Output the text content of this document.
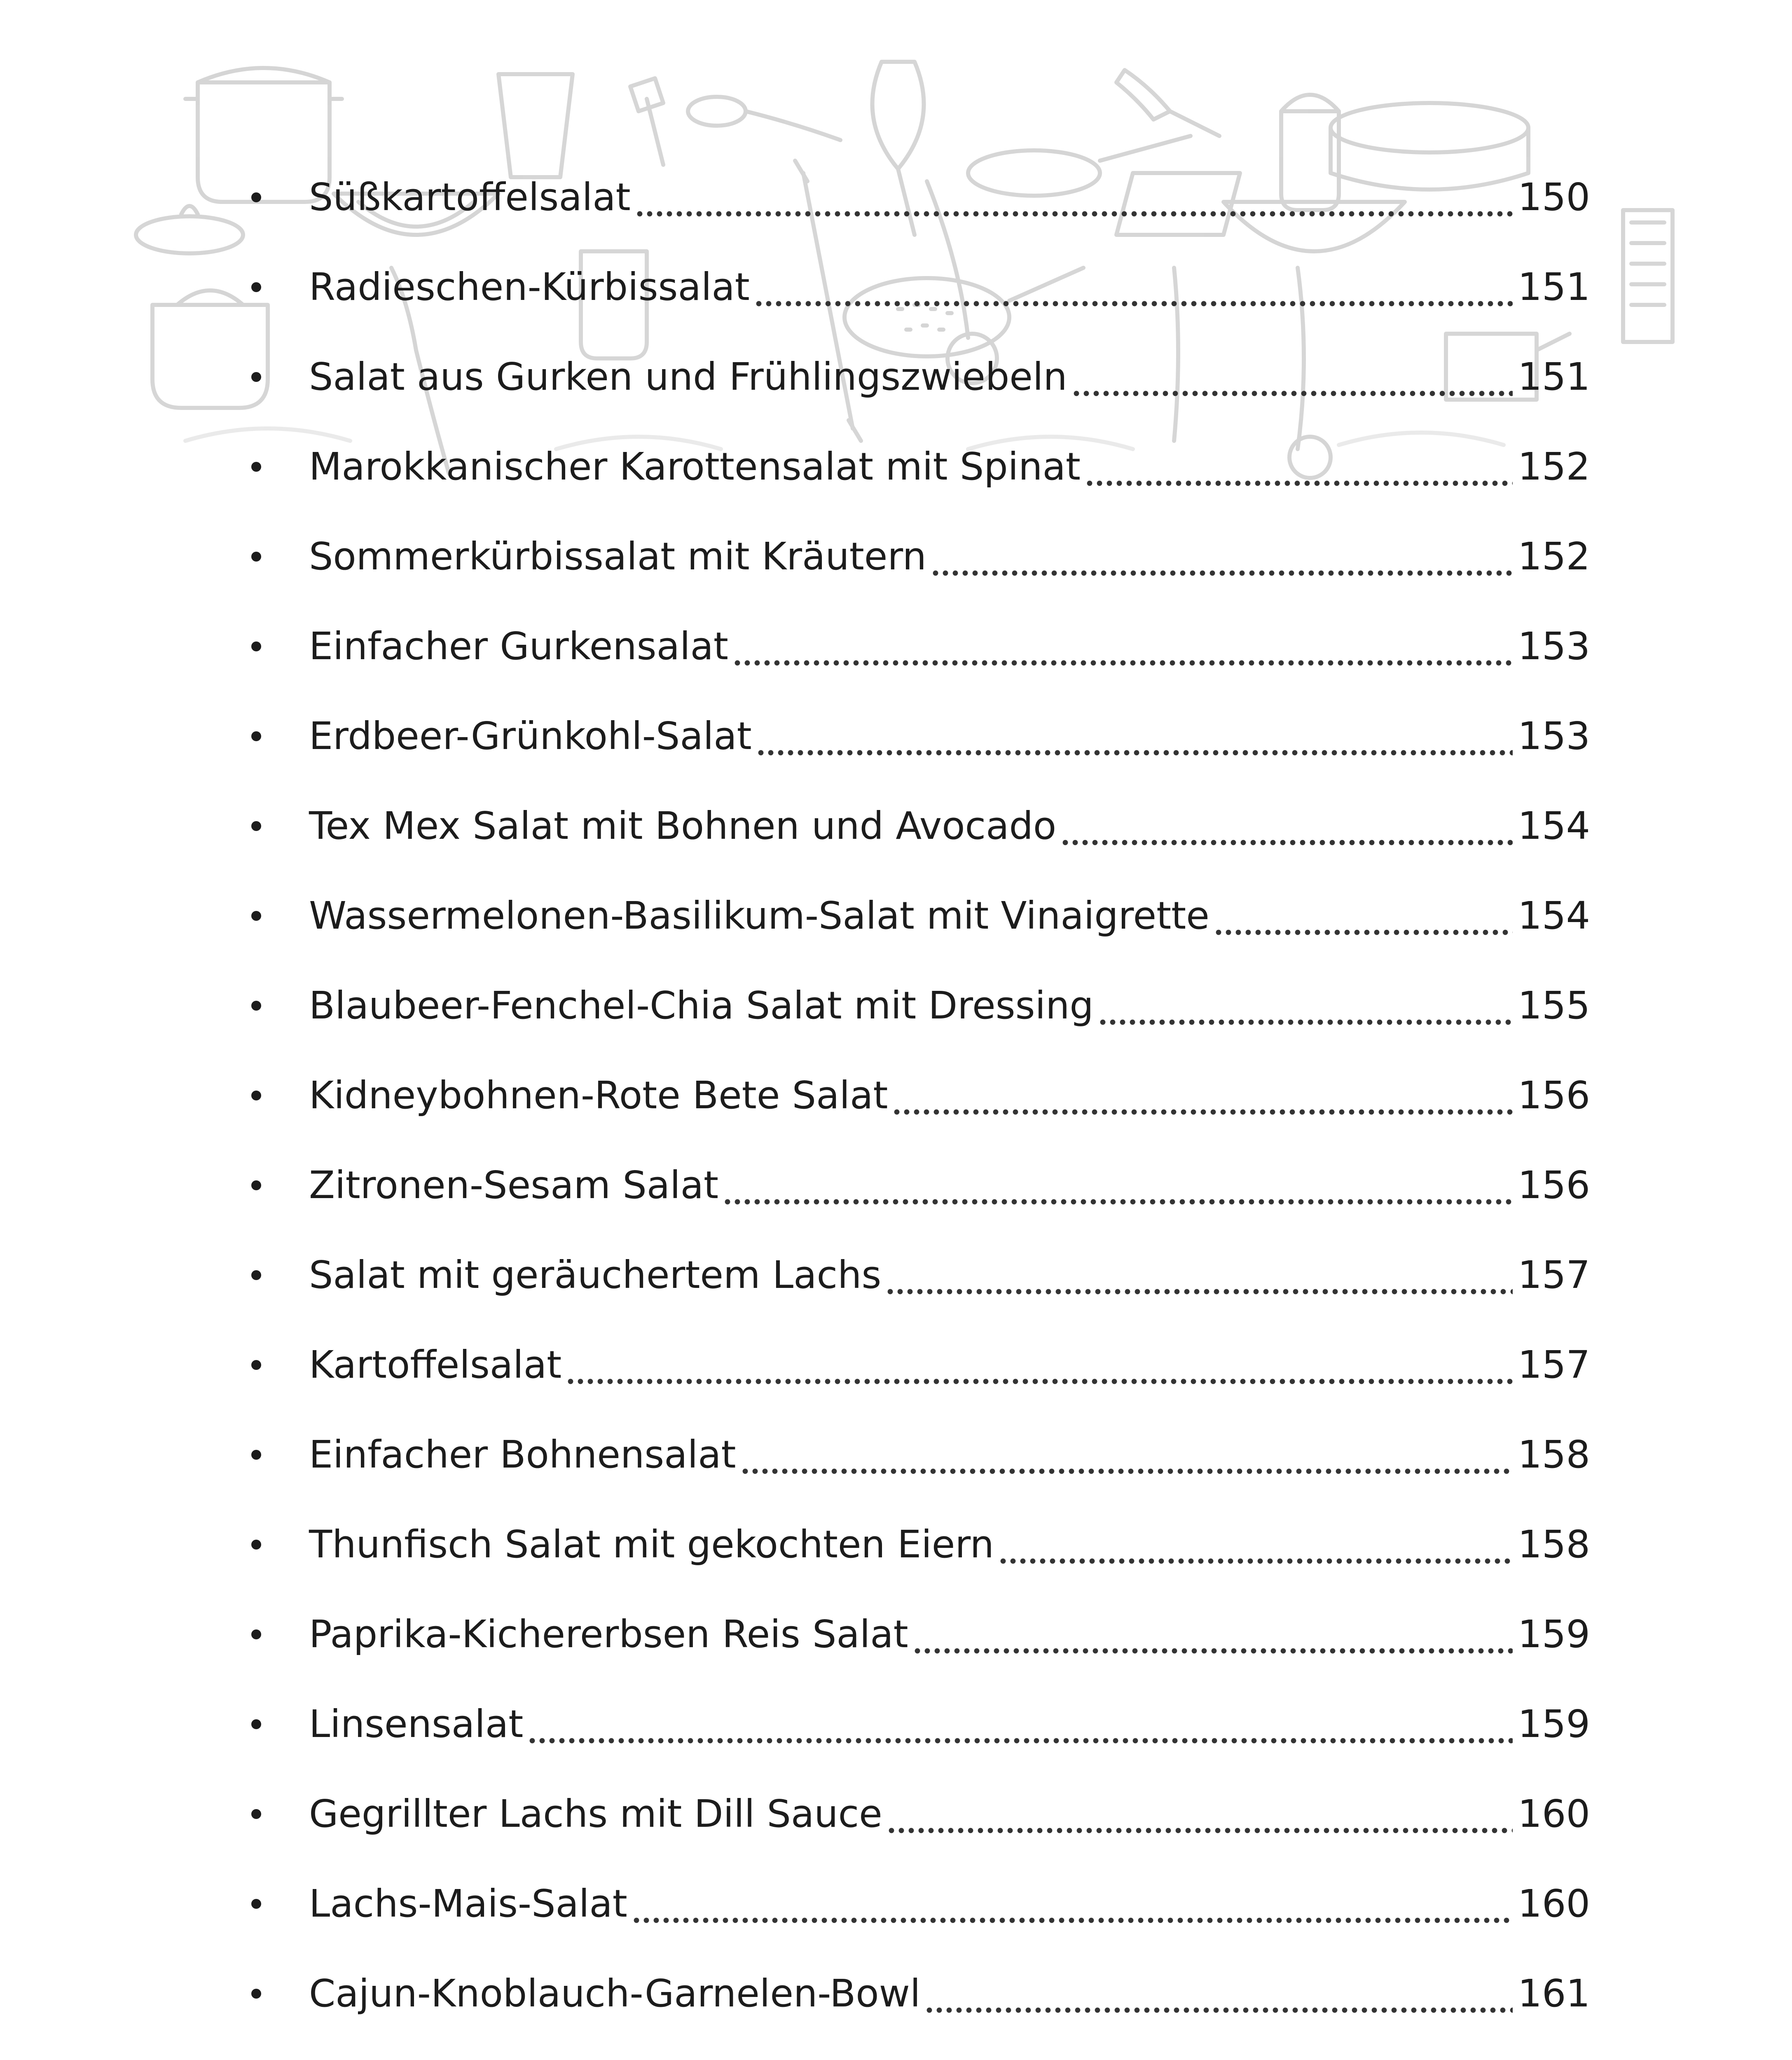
Süßkartoffelsalat	150
Radieschen-Kürbissalat	151
Salat aus Gurken und Frühlingszwiebeln	151
Marokkanischer Karottensalat mit Spinat	152
Sommerkürbissalat mit Kräutern	152
Einfacher Gurkensalat	153
Erdbeer-Grünkohl-Salat	153
Tex Mex Salat mit Bohnen und Avocado	154
Wassermelonen-Basilikum-Salat mit Vinaigrette	154
Blaubeer-Fenchel-Chia Salat mit Dressing	155
Kidneybohnen-Rote Bete Salat	156
Zitronen-Sesam Salat	156
Salat mit geräuchertem Lachs	157
Kartoffelsalat	157
Einfacher Bohnensalat	158
Thunfisch Salat mit gekochten Eiern	158
Paprika-Kichererbsen Reis Salat	159
Linsensalat	159
Gegrillter Lachs mit Dill Sauce	160
Lachs-Mais-Salat	160
Cajun-Knoblauch-Garnelen-Bowl	161
